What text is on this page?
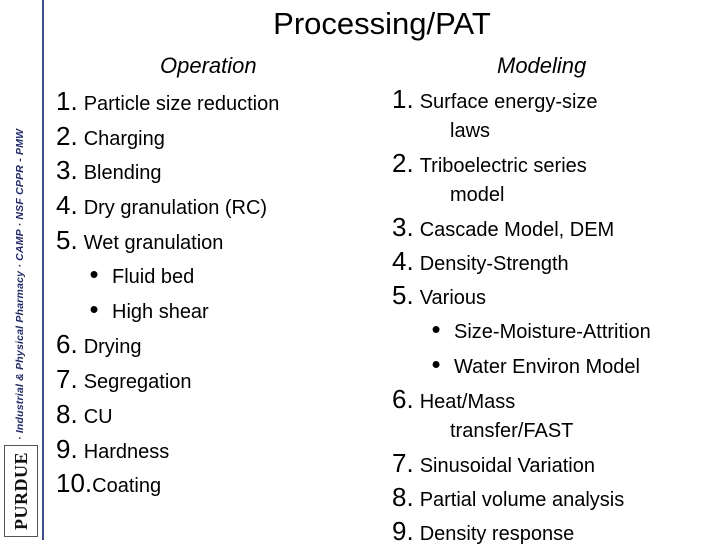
· Industrial & Physical Pharmacy · CAMP · NSF CPPR - PMW
PURDUE
Processing/PAT
Operation	Modeling
1. Particle size reduction
2. Charging
3. Blending
4. Dry granulation (RC)
5. Wet granulation
• Fluid bed
• High shear
6. Drying
7. Segregation
8. CU
9. Hardness
10. Coating
1. Surface energy-size
laws
2. Triboelectric series
model
3. Cascade Model, DEM
4. Density-Strength
5. Various
• Size-Moisture-Attrition
• Water Environ Model
6. Heat/Mass
transfer/FAST
7. Sinusoidal Variation
8. Partial volume analysis
9. Density response
